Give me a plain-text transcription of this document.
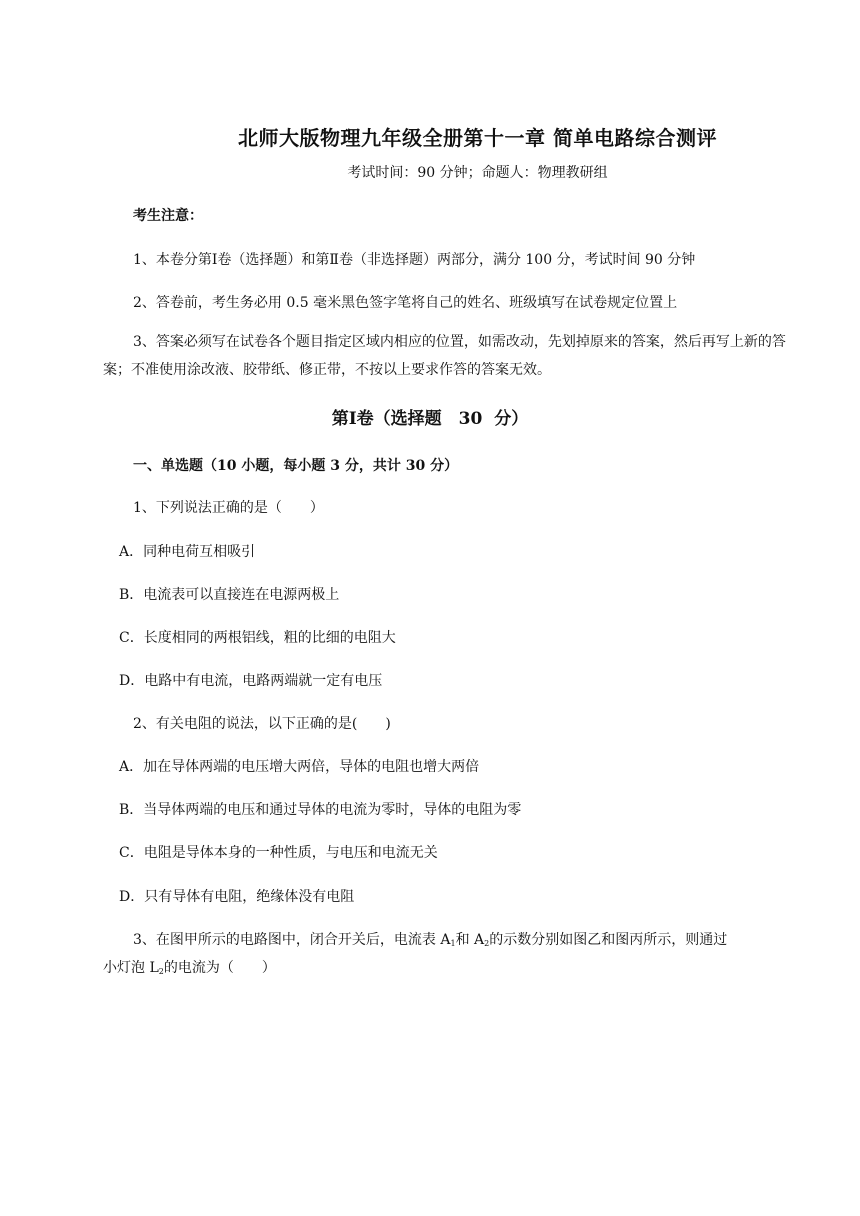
北师大版物理九年级全册第十一章 简单电路综合测评
考试时间：90 分钟；命题人：物理教研组
考生注意：
1、本卷分第Ⅰ卷（选择题）和第Ⅱ卷（非选择题）两部分，满分 100 分，考试时间 90 分钟
2、答卷前，考生务必用 0.5 毫米黑色签字笔将自己的姓名、班级填写在试卷规定位置上
3、答案必须写在试卷各个题目指定区域内相应的位置，如需改动，先划掉原来的答案，然后再写上新的答案；不准使用涂改液、胶带纸、修正带，不按以上要求作答的答案无效。
第Ⅰ卷（选择题　30 分）
一、单选题（10 小题，每小题 3 分，共计 30 分）
1、下列说法正确的是（　　）
A．同种电荷互相吸引
B．电流表可以直接连在电源两极上
C．长度相同的两根铝线，粗的比细的电阻大
D．电路中有电流，电路两端就一定有电压
2、有关电阻的说法，以下正确的是(　　)
A．加在导体两端的电压增大两倍，导体的电阻也增大两倍
B．当导体两端的电压和通过导体的电流为零时，导体的电阻为零
C．电阻是导体本身的一种性质，与电压和电流无关
D．只有导体有电阻，绝缘体没有电阻
3、在图甲所示的电路图中，闭合开关后，电流表 $A_1$和 $A_2$的示数分别如图乙和图丙所示，则通过
小灯泡 $L_2$的电流为（　　）
